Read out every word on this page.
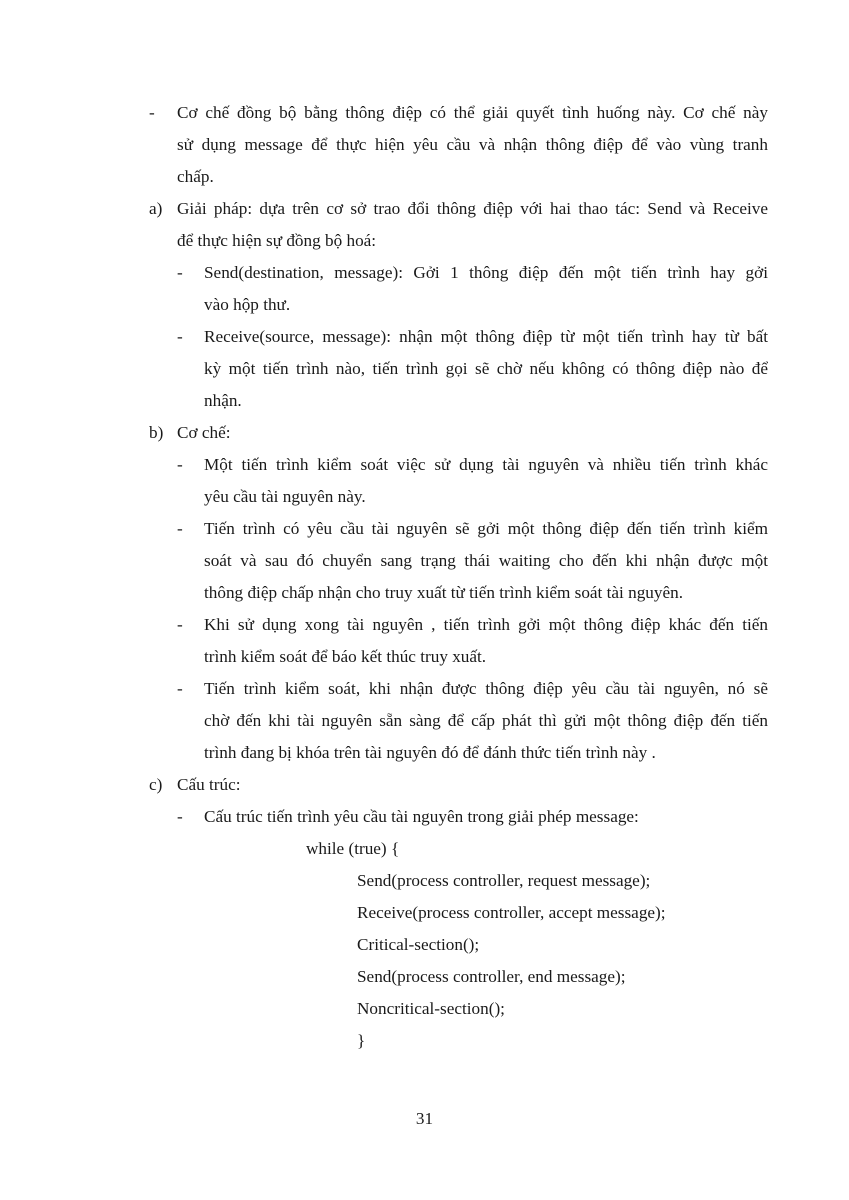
- Cơ chế đồng bộ bằng thông điệp có thể giải quyết tình huống này. Cơ chế này
sử dụng message để thực hiện yêu cầu và nhận thông điệp để vào vùng tranh
chấp.
a) Giải pháp: dựa trên cơ sở trao đổi thông điệp với hai thao tác: Send và Receive
để thực hiện sự đồng bộ hoá:
- Send(destination, message): Gởi 1 thông điệp đến một tiến trình hay gởi
vào hộp thư.
- Receive(source, message): nhận một thông điệp từ một tiến trình hay từ bất
kỳ một tiến trình nào, tiến trình gọi sẽ chờ nếu không có thông điệp nào để
nhận.
b) Cơ chế:
- Một tiến trình kiểm soát việc sử dụng tài nguyên và nhiều tiến trình khác
yêu cầu tài nguyên này.
- Tiến trình có yêu cầu tài nguyên sẽ gởi một thông điệp đến tiến trình kiểm
soát và sau đó chuyển sang trạng thái waiting cho đến khi nhận được một
thông điệp chấp nhận cho truy xuất từ tiến trình kiểm soát tài nguyên.
- Khi sử dụng xong tài nguyên , tiến trình gởi một thông điệp khác đến tiến
trình kiểm soát để báo kết thúc truy xuất.
- Tiến trình kiểm soát, khi nhận được thông điệp yêu cầu tài nguyên, nó sẽ
chờ đến khi tài nguyên sẵn sàng để cấp phát thì gửi một thông điệp đến tiến
trình đang bị khóa trên tài nguyên đó để đánh thức tiến trình này .
c) Cấu trúc:
- Cấu trúc tiến trình yêu cầu tài nguyên trong giải phép message:
while (true) {
Send(process controller, request message);
Receive(process controller, accept message);
Critical-section();
Send(process controller, end message);
Noncritical-section();
}
31
